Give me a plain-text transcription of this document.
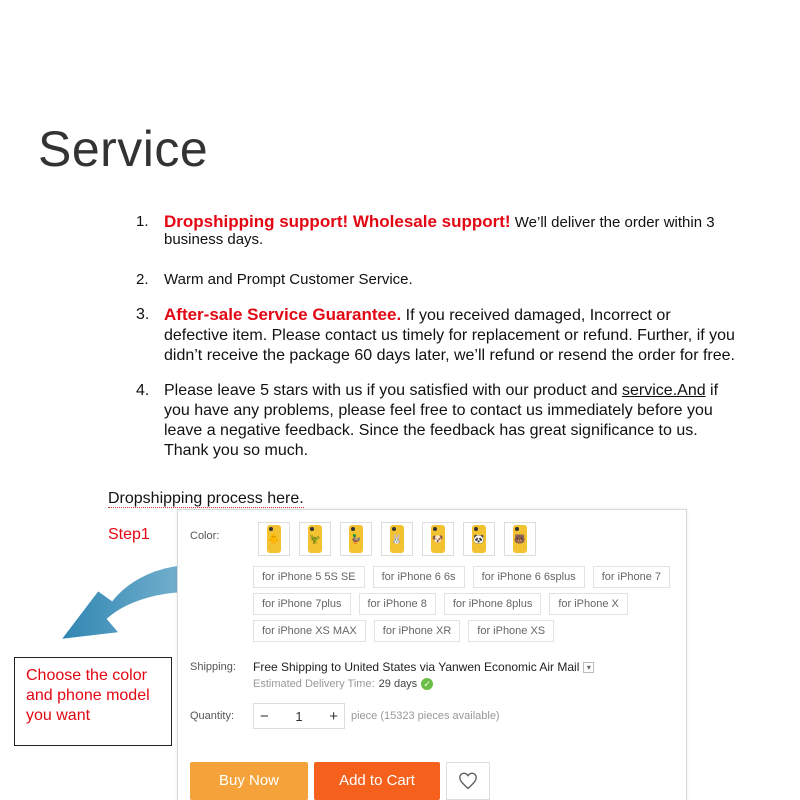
Service
1. Dropshipping support! Wholesale support! We’ll deliver the order within 3 business days.
2. Warm and Prompt Customer Service.
3. After-sale Service Guarantee. If you received damaged, Incorrect or defective item. Please contact us timely for replacement or refund. Further, if you didn’t receive the package 60 days later, we’ll refund or resend the order for free.
4. Please leave 5 stars with us if you satisfied with our product and service.And if you have any problems, please feel free to contact us immediately before you leave a negative feedback. Since the feedback has great significance to us. Thank you so much.
Dropshipping process here.
Step1
Choose the color and phone model you want
Color:	🐥	🦖	🦆	🐰	🐶	🐼	🐻
for iPhone 5 5S SE	for iPhone 6 6s	for iPhone 6 6splus	for iPhone 7
for iPhone 7plus	for iPhone 8	for iPhone 8plus	for iPhone X
for iPhone XS MAX	for iPhone XR	for iPhone XS
Shipping: Free Shipping to United States via Yanwen Economic Air Mail ▾
Estimated Delivery Time: 29 days ✓
Quantity: − 1 + piece (15323 pieces available)
Buy Now	Add to Cart
